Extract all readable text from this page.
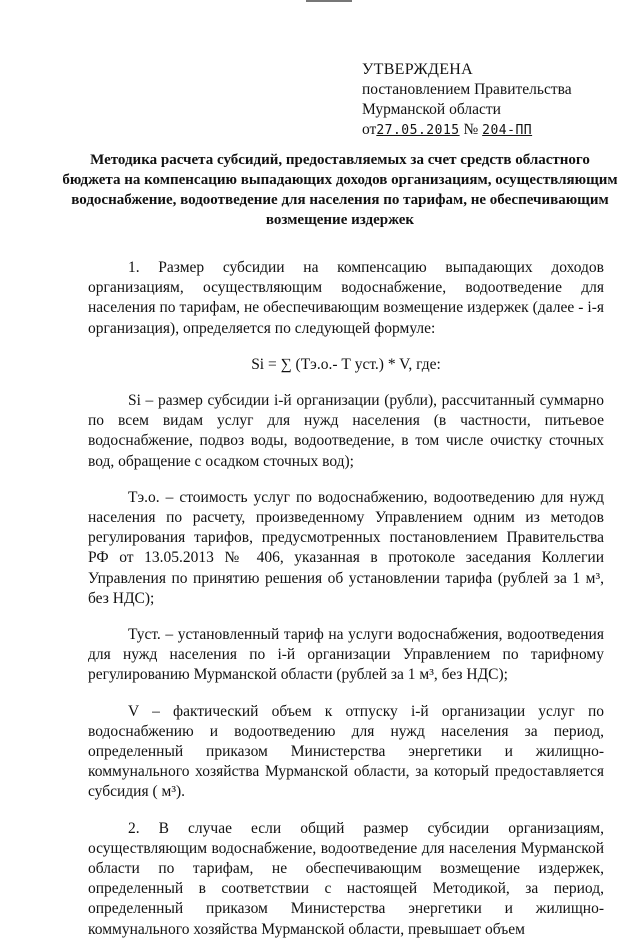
УТВЕРЖДЕНА
постановлением Правительства
Мурманской области
от27.05.2015 № 204-ПП
Методика расчета субсидий, предоставляемых за счет средств областного бюджета на компенсацию выпадающих доходов организациям, осуществляющим водоснабжение, водоотведение для населения по тарифам, не обеспечивающим возмещение издержек

1. Размер субсидии на компенсацию выпадающих доходов организациям, осуществляющим водоснабжение, водоотведение для населения по тарифам, не обеспечивающим возмещение издержек (далее - i-я организация), определяется по следующей формуле:

Si = ∑ (Тэ.о.- Т уст.) * V, где:

Si – размер субсидии i-й организации (рубли), рассчитанный суммарно по всем видам услуг для нужд населения (в частности, питьевое водоснабжение, подвоз воды, водоотведение, в том числе очистку сточных вод, обращение с осадком сточных вод);

Тэ.о. – стоимость услуг по водоснабжению, водоотведению для нужд населения по расчету, произведенному Управлением одним из методов регулирования тарифов, предусмотренных постановлением Правительства РФ от 13.05.2013 № 406, указанная в протоколе заседания Коллегии Управления по принятию решения об установлении тарифа (рублей за 1 м³, без НДС);

Туст. – установленный тариф на услуги водоснабжения, водоотведения для нужд населения по i-й организации Управлением по тарифному регулированию Мурманской области (рублей за 1 м³, без НДС);

V – фактический объем к отпуску i-й организации услуг по водоснабжению и водоотведению для нужд населения за период, определенный приказом Министерства энергетики и жилищно-коммунального хозяйства Мурманской области, за который предоставляется субсидия ( м³).

2. В случае если общий размер субсидии организациям, осуществляющим водоснабжение, водоотведение для населения Мурманской области по тарифам, не обеспечивающим возмещение издержек, определенный в соответствии с настоящей Методикой, за период, определенный приказом Министерства энергетики и жилищно-коммунального хозяйства Мурманской области, превышает объем
